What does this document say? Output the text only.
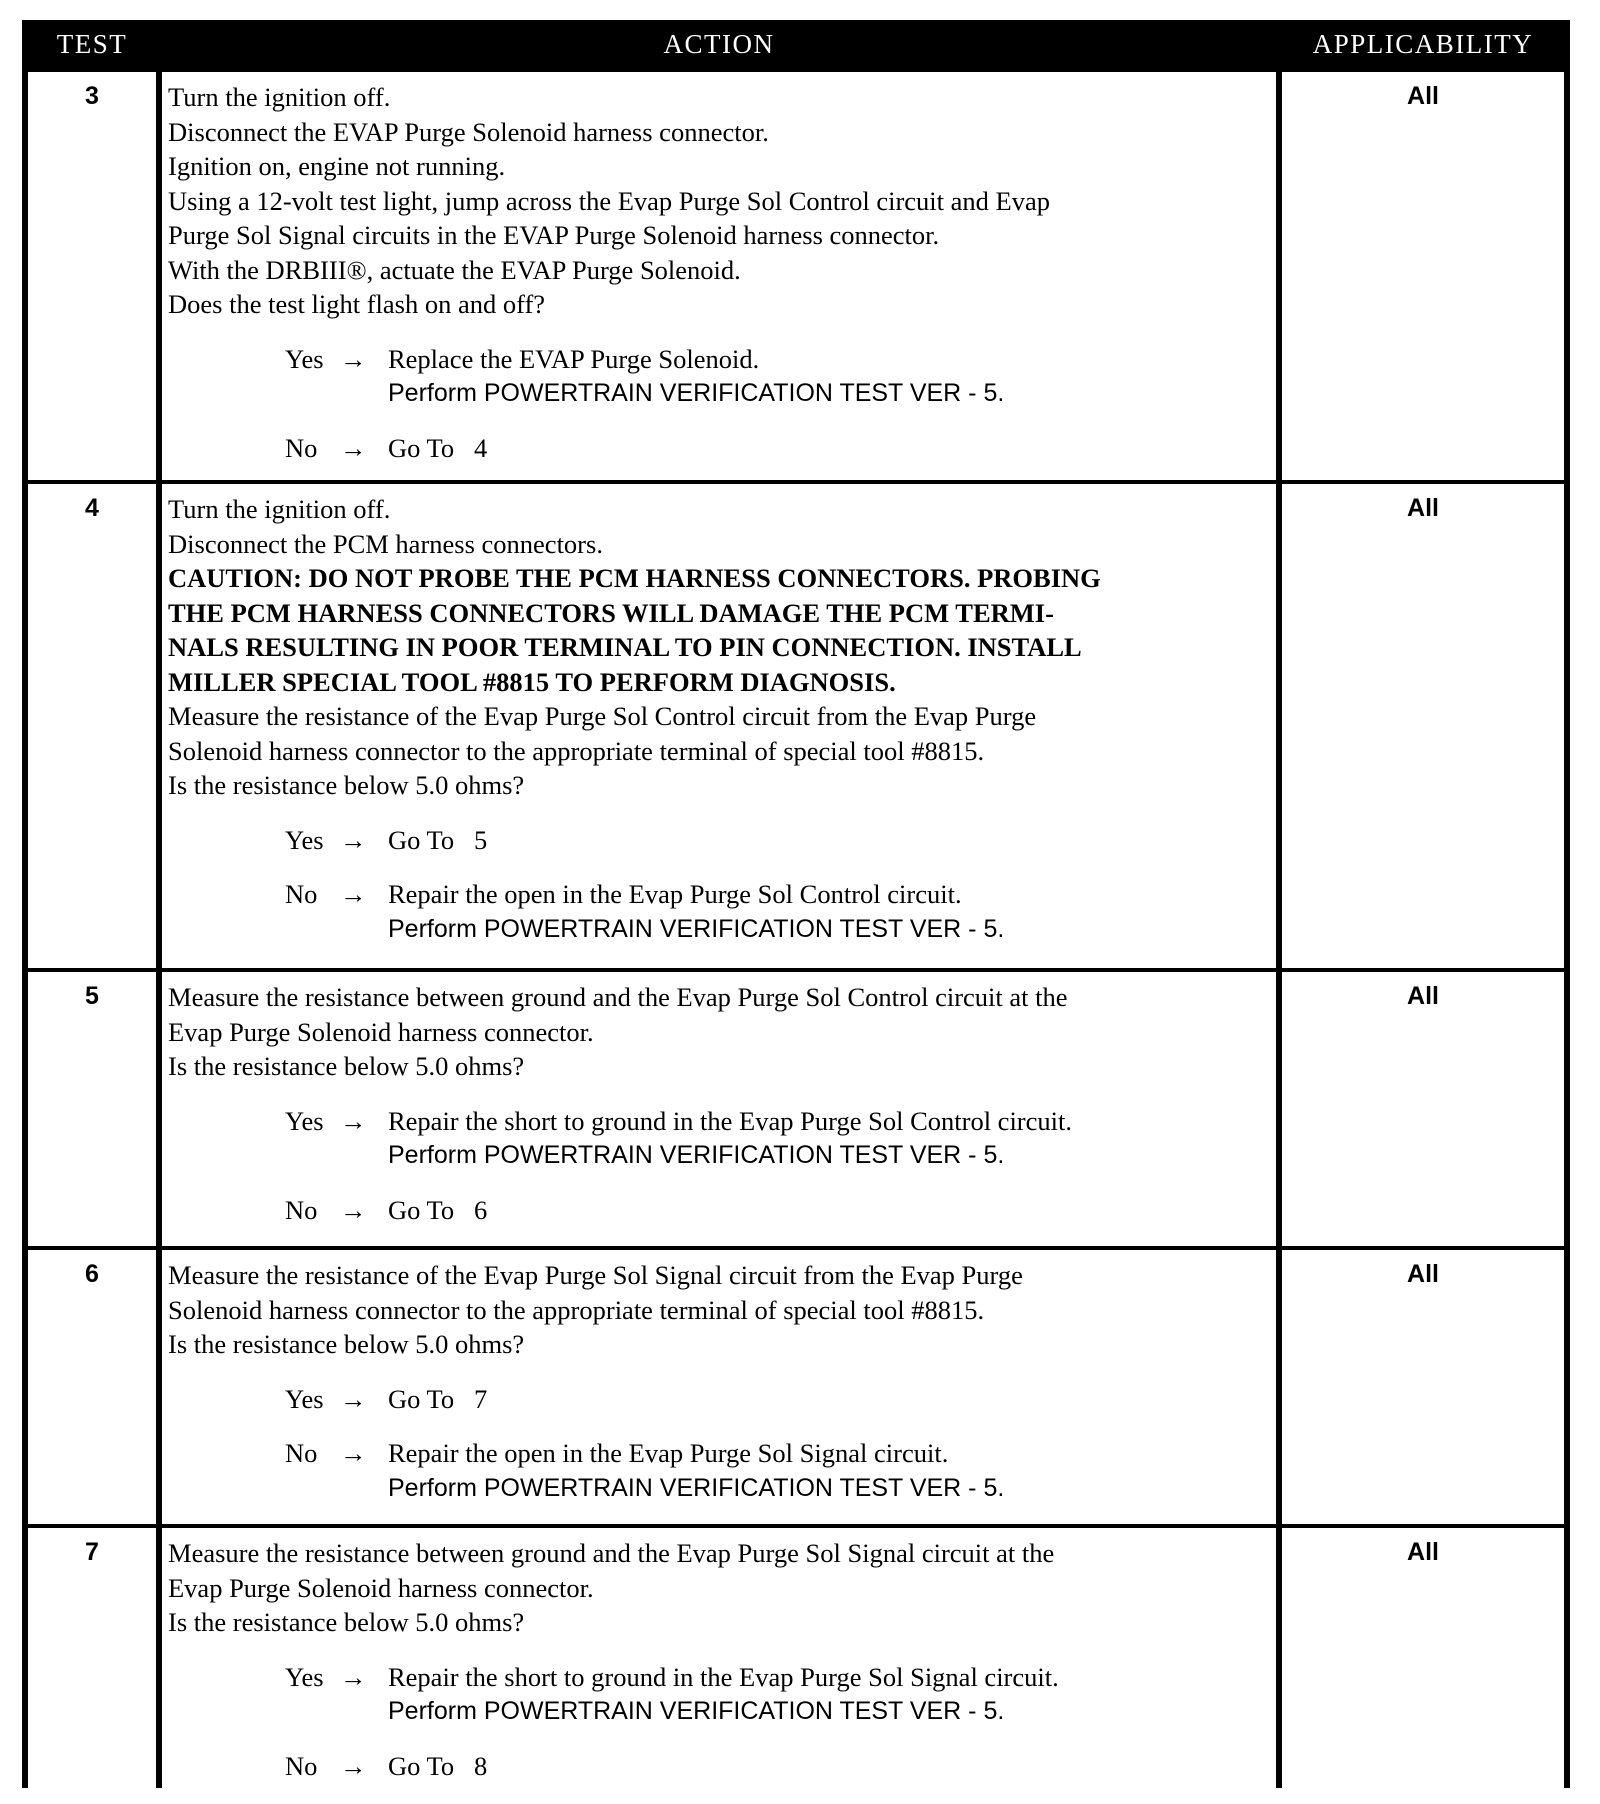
TEST	ACTION	APPLICABILITY
3	Turn the ignition off.
Disconnect the EVAP Purge Solenoid harness connector.
Ignition on, engine not running.
Using a 12-volt test light, jump across the Evap Purge Sol Control circuit and Evap
Purge Sol Signal circuits in the EVAP Purge Solenoid harness connector.
With the DRBIII®, actuate the EVAP Purge Solenoid.
Does the test light flash on and off?
Yes → Replace the EVAP Purge Solenoid.
Perform POWERTRAIN VERIFICATION TEST VER - 5.
No → Go To   4
All
4	Turn the ignition off.
Disconnect the PCM harness connectors.
CAUTION: DO NOT PROBE THE PCM HARNESS CONNECTORS. PROBING
THE PCM HARNESS CONNECTORS WILL DAMAGE THE PCM TERMI-
NALS RESULTING IN POOR TERMINAL TO PIN CONNECTION. INSTALL
MILLER SPECIAL TOOL #8815 TO PERFORM DIAGNOSIS.
Measure the resistance of the Evap Purge Sol Control circuit from the Evap Purge
Solenoid harness connector to the appropriate terminal of special tool #8815.
Is the resistance below 5.0 ohms?
Yes → Go To   5
No → Repair the open in the Evap Purge Sol Control circuit.
Perform POWERTRAIN VERIFICATION TEST VER - 5.
All
5	Measure the resistance between ground and the Evap Purge Sol Control circuit at the
Evap Purge Solenoid harness connector.
Is the resistance below 5.0 ohms?
Yes → Repair the short to ground in the Evap Purge Sol Control circuit.
Perform POWERTRAIN VERIFICATION TEST VER - 5.
No → Go To   6
All
6	Measure the resistance of the Evap Purge Sol Signal circuit from the Evap Purge
Solenoid harness connector to the appropriate terminal of special tool #8815.
Is the resistance below 5.0 ohms?
Yes → Go To   7
No → Repair the open in the Evap Purge Sol Signal circuit.
Perform POWERTRAIN VERIFICATION TEST VER - 5.
All
7	Measure the resistance between ground and the Evap Purge Sol Signal circuit at the
Evap Purge Solenoid harness connector.
Is the resistance below 5.0 ohms?
Yes → Repair the short to ground in the Evap Purge Sol Signal circuit.
Perform POWERTRAIN VERIFICATION TEST VER - 5.
No → Go To   8
All
